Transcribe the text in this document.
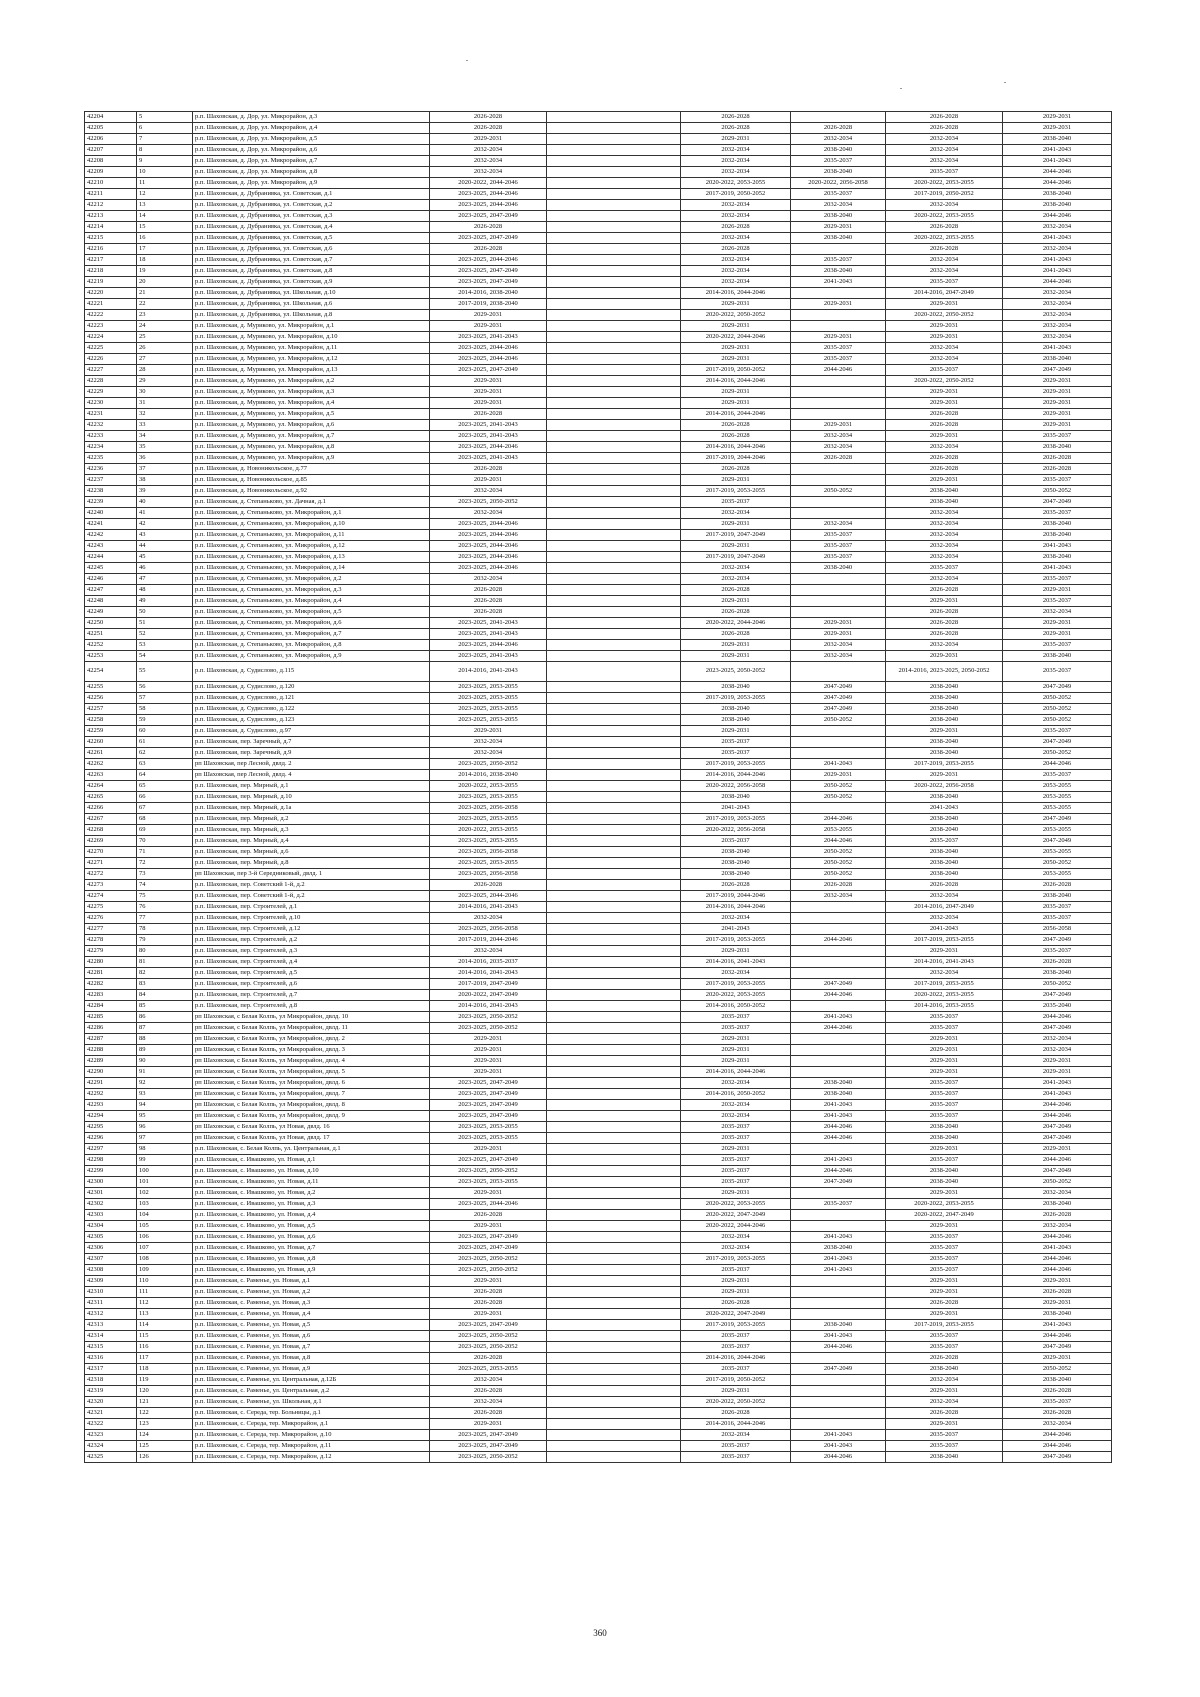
42204	5	р.п. Шаховская, д. Дор, ул. Микрорайон, д.3	2026-2028		2026-2028		2026-2028	2029-2031
42205	6	р.п. Шаховская, д. Дор, ул. Микрорайон, д.4	2026-2028		2026-2028	2026-2028	2026-2028	2029-2031
42206	7	р.п. Шаховская, д. Дор, ул. Микрорайон, д.5	2029-2031		2029-2031	2032-2034	2032-2034	2038-2040
42207	8	р.п. Шаховская, д. Дор, ул. Микрорайон, д.6	2032-2034		2032-2034	2038-2040	2032-2034	2041-2043
42208	9	р.п. Шаховская, д. Дор, ул. Микрорайон, д.7	2032-2034		2032-2034	2035-2037	2032-2034	2041-2043
42209	10	р.п. Шаховская, д. Дор, ул. Микрорайон, д.8	2032-2034		2032-2034	2038-2040	2035-2037	2044-2046
42210	11	р.п. Шаховская, д. Дор, ул. Микрорайон, д.9	2020-2022, 2044-2046		2020-2022, 2053-2055	2020-2022, 2056-2058	2020-2022, 2053-2055	2044-2046
42211	12	р.п. Шаховская, д. Дубранивка, ул. Советская, д.1	2023-2025, 2044-2046		2017-2019, 2050-2052	2035-2037	2017-2019, 2050-2052	2038-2040
42212	13	р.п. Шаховская, д. Дубранивка, ул. Советская, д.2	2023-2025, 2044-2046		2032-2034	2032-2034	2032-2034	2038-2040
42213	14	р.п. Шаховская, д. Дубранивка, ул. Советская, д.3	2023-2025, 2047-2049		2032-2034	2038-2040	2020-2022, 2053-2055	2044-2046
42214	15	р.п. Шаховская, д. Дубранивка, ул. Советская, д.4	2026-2028		2026-2028	2029-2031	2026-2028	2032-2034
42215	16	р.п. Шаховская, д. Дубранивка, ул. Советская, д.5	2023-2025, 2047-2049		2032-2034	2038-2040	2020-2022, 2053-2055	2041-2043
42216	17	р.п. Шаховская, д. Дубранивка, ул. Советская, д.6	2026-2028		2026-2028		2026-2028	2032-2034
42217	18	р.п. Шаховская, д. Дубранивка, ул. Советская, д.7	2023-2025, 2044-2046		2032-2034	2035-2037	2032-2034	2041-2043
42218	19	р.п. Шаховская, д. Дубранивка, ул. Советская, д.8	2023-2025, 2047-2049		2032-2034	2038-2040	2032-2034	2041-2043
42219	20	р.п. Шаховская, д. Дубранивка, ул. Советская, д.9	2023-2025, 2047-2049		2032-2034	2041-2043	2035-2037	2044-2046
42220	21	р.п. Шаховская, д. Дубранивка, ул. Школьная, д.10	2014-2016, 2038-2040		2014-2016, 2044-2046		2014-2016, 2047-2049	2032-2034
42221	22	р.п. Шаховская, д. Дубранивка, ул. Школьная, д.6	2017-2019, 2038-2040		2029-2031	2029-2031	2029-2031	2032-2034
42222	23	р.п. Шаховская, д. Дубранивка, ул. Школьная, д.8	2029-2031		2020-2022, 2050-2052		2020-2022, 2050-2052	2032-2034
42223	24	р.п. Шаховская, д. Муриково, ул. Микрорайон, д.1	2029-2031		2029-2031		2029-2031	2032-2034
42224	25	р.п. Шаховская, д. Муриково, ул. Микрорайон, д.10	2023-2025, 2041-2043		2020-2022, 2044-2046	2029-2031	2029-2031	2032-2034
42225	26	р.п. Шаховская, д. Муриково, ул. Микрорайон, д.11	2023-2025, 2044-2046		2029-2031	2035-2037	2032-2034	2041-2043
42226	27	р.п. Шаховская, д. Муриково, ул. Микрорайон, д.12	2023-2025, 2044-2046		2029-2031	2035-2037	2032-2034	2038-2040
42227	28	р.п. Шаховская, д. Муриково, ул. Микрорайон, д.13	2023-2025, 2047-2049		2017-2019, 2050-2052	2044-2046	2035-2037	2047-2049
42228	29	р.п. Шаховская, д. Муриково, ул. Микрорайон, д.2	2029-2031		2014-2016, 2044-2046		2020-2022, 2050-2052	2029-2031
42229	30	р.п. Шаховская, д. Муриково, ул. Микрорайон, д.3	2029-2031		2029-2031		2029-2031	2029-2031
42230	31	р.п. Шаховская, д. Муриково, ул. Микрорайон, д.4	2029-2031		2029-2031		2029-2031	2029-2031
42231	32	р.п. Шаховская, д. Муриково, ул. Микрорайон, д.5	2026-2028		2014-2016, 2044-2046		2026-2028	2029-2031
42232	33	р.п. Шаховская, д. Муриково, ул. Микрорайон, д.6	2023-2025, 2041-2043		2026-2028	2029-2031	2026-2028	2029-2031
42233	34	р.п. Шаховская, д. Муриково, ул. Микрорайон, д.7	2023-2025, 2041-2043		2026-2028	2032-2034	2029-2031	2035-2037
42234	35	р.п. Шаховская, д. Муриково, ул. Микрорайон, д.8	2023-2025, 2044-2046		2014-2016, 2044-2046	2032-2034	2032-2034	2038-2040
42235	36	р.п. Шаховская, д. Муриково, ул. Микрорайон, д.9	2023-2025, 2041-2043		2017-2019, 2044-2046	2026-2028	2026-2028	2026-2028
42236	37	р.п. Шаховская, д. Новоникольское, д.77	2026-2028		2026-2028		2026-2028	2026-2028
42237	38	р.п. Шаховская, д. Новоникольское, д.85	2029-2031		2029-2031		2029-2031	2035-2037
42238	39	р.п. Шаховская, д. Новоникольское, д.92	2032-2034		2017-2019, 2053-2055	2050-2052	2038-2040	2050-2052
42239	40	р.п. Шаховская, д. Степаньково, ул. Дачная, д.1	2023-2025, 2050-2052		2035-2037		2038-2040	2047-2049
42240	41	р.п. Шаховская, д. Степаньково, ул. Микрорайон, д.1	2032-2034		2032-2034		2032-2034	2035-2037
42241	42	р.п. Шаховская, д. Степаньково, ул. Микрорайон, д.10	2023-2025, 2044-2046		2029-2031	2032-2034	2032-2034	2038-2040
42242	43	р.п. Шаховская, д. Степаньково, ул. Микрорайон, д.11	2023-2025, 2044-2046		2017-2019, 2047-2049	2035-2037	2032-2034	2038-2040
42243	44	р.п. Шаховская, д. Степаньково, ул. Микрорайон, д.12	2023-2025, 2044-2046		2029-2031	2035-2037	2032-2034	2041-2043
42244	45	р.п. Шаховская, д. Степаньково, ул. Микрорайон, д.13	2023-2025, 2044-2046		2017-2019, 2047-2049	2035-2037	2032-2034	2038-2040
42245	46	р.п. Шаховская, д. Степаньково, ул. Микрорайон, д.14	2023-2025, 2044-2046		2032-2034	2038-2040	2035-2037	2041-2043
42246	47	р.п. Шаховская, д. Степаньково, ул. Микрорайон, д.2	2032-2034		2032-2034		2032-2034	2035-2037
42247	48	р.п. Шаховская, д. Степаньково, ул. Микрорайон, д.3	2026-2028		2026-2028		2026-2028	2029-2031
42248	49	р.п. Шаховская, д. Степаньково, ул. Микрорайон, д.4	2026-2028		2029-2031		2029-2031	2035-2037
42249	50	р.п. Шаховская, д. Степаньково, ул. Микрорайон, д.5	2026-2028		2026-2028		2026-2028	2032-2034
42250	51	р.п. Шаховская, д. Степаньково, ул. Микрорайон, д.6	2023-2025, 2041-2043		2020-2022, 2044-2046	2029-2031	2026-2028	2029-2031
42251	52	р.п. Шаховская, д. Степаньково, ул. Микрорайон, д.7	2023-2025, 2041-2043		2026-2028	2029-2031	2026-2028	2029-2031
42252	53	р.п. Шаховская, д. Степаньково, ул. Микрорайон, д.8	2023-2025, 2044-2046		2029-2031	2032-2034	2032-2034	2035-2037
42253	54	р.п. Шаховская, д. Степаньково, ул. Микрорайон, д.9	2023-2025, 2041-2043		2029-2031	2032-2034	2029-2031	2038-2040
42254	55	р.п. Шаховская, д. Судислово, д.115	2014-2016, 2041-2043		2023-2025, 2050-2052		2014-2016, 2023-2025, 2050-2052	2035-2037
42255	56	р.п. Шаховская, д. Судислово, д.120	2023-2025, 2053-2055		2038-2040	2047-2049	2038-2040	2047-2049
42256	57	р.п. Шаховская, д. Судислово, д.121	2023-2025, 2053-2055		2017-2019, 2053-2055	2047-2049	2038-2040	2050-2052
42257	58	р.п. Шаховская, д. Судислово, д.122	2023-2025, 2053-2055		2038-2040	2047-2049	2038-2040	2050-2052
42258	59	р.п. Шаховская, д. Судислово, д.123	2023-2025, 2053-2055		2038-2040	2050-2052	2038-2040	2050-2052
42259	60	р.п. Шаховская, д. Судислово, д.97	2029-2031		2029-2031		2029-2031	2035-2037
42260	61	р.п. Шаховская, пер. Заречный, д.7	2032-2034		2035-2037		2038-2040	2047-2049
42261	62	р.п. Шаховская, пер. Заречный, д.9	2032-2034		2035-2037		2038-2040	2050-2052
42262	63	рп Шаховская, пер Лесной, двлд. 2	2023-2025, 2050-2052		2017-2019, 2053-2055	2041-2043	2017-2019, 2053-2055	2044-2046
42263	64	рп Шаховская, пер Лесной, двлд. 4	2014-2016, 2038-2040		2014-2016, 2044-2046	2029-2031	2029-2031	2035-2037
42264	65	р.п. Шаховская, пер. Мирный, д.1	2020-2022, 2053-2055		2020-2022, 2056-2058	2050-2052	2020-2022, 2056-2058	2053-2055
42265	66	р.п. Шаховская, пер. Мирный, д.10	2023-2025, 2053-2055		2038-2040	2050-2052	2038-2040	2053-2055
42266	67	р.п. Шаховская, пер. Мирный, д.1а	2023-2025, 2056-2058		2041-2043		2041-2043	2053-2055
42267	68	р.п. Шаховская, пер. Мирный, д.2	2023-2025, 2053-2055		2017-2019, 2053-2055	2044-2046	2038-2040	2047-2049
42268	69	р.п. Шаховская, пер. Мирный, д.3	2020-2022, 2053-2055		2020-2022, 2056-2058	2053-2055	2038-2040	2053-2055
42269	70	р.п. Шаховская, пер. Мирный, д.4	2023-2025, 2053-2055		2035-2037	2044-2046	2035-2037	2047-2049
42270	71	р.п. Шаховская, пер. Мирный, д.6	2023-2025, 2056-2058		2038-2040	2050-2052	2038-2040	2053-2055
42271	72	р.п. Шаховская, пер. Мирный, д.8	2023-2025, 2053-2055		2038-2040	2050-2052	2038-2040	2050-2052
42272	73	рп Шаховская, пер 3-й Середниковый, двлд. 1	2023-2025, 2056-2058		2038-2040	2050-2052	2038-2040	2053-2055
42273	74	р.п. Шаховская, пер. Советский 1-й, д.2	2026-2028		2026-2028	2026-2028	2026-2028	2026-2028
42274	75	р.п. Шаховская, пер. Советский 1-й, д.2	2023-2025, 2044-2046		2017-2019, 2044-2046	2032-2034	2032-2034	2038-2040
42275	76	р.п. Шаховская, пер. Строителей, д.1	2014-2016, 2041-2043		2014-2016, 2044-2046		2014-2016, 2047-2049	2035-2037
42276	77	р.п. Шаховская, пер. Строителей, д.10	2032-2034		2032-2034		2032-2034	2035-2037
42277	78	р.п. Шаховская, пер. Строителей, д.12	2023-2025, 2056-2058		2041-2043		2041-2043	2056-2058
42278	79	р.п. Шаховская, пер. Строителей, д.2	2017-2019, 2044-2046		2017-2019, 2053-2055	2044-2046	2017-2019, 2053-2055	2047-2049
42279	80	р.п. Шаховская, пер. Строителей, д.3	2032-2034		2029-2031		2029-2031	2035-2037
42280	81	р.п. Шаховская, пер. Строителей, д.4	2014-2016, 2035-2037		2014-2016, 2041-2043		2014-2016, 2041-2043	2026-2028
42281	82	р.п. Шаховская, пер. Строителей, д.5	2014-2016, 2041-2043		2032-2034		2032-2034	2038-2040
42282	83	р.п. Шаховская, пер. Строителей, д.6	2017-2019, 2047-2049		2017-2019, 2053-2055	2047-2049	2017-2019, 2053-2055	2050-2052
42283	84	р.п. Шаховская, пер. Строителей, д.7	2020-2022, 2047-2049		2020-2022, 2053-2055	2044-2046	2020-2022, 2053-2055	2047-2049
42284	85	р.п. Шаховская, пер. Строителей, д.8	2014-2016, 2041-2043		2014-2016, 2050-2052		2014-2016, 2053-2055	2035-2040
42285	86	рп Шаховская, с Белая Колпь, ул Микрорайон, двлд. 10	2023-2025, 2050-2052		2035-2037	2041-2043	2035-2037	2044-2046
42286	87	рп Шаховская, с Белая Колпь, ул Микрорайон, двлд. 11	2023-2025, 2050-2052		2035-2037	2044-2046	2035-2037	2047-2049
42287	88	рп Шаховская, с Белая Колпь, ул Микрорайон, двлд. 2	2029-2031		2029-2031		2029-2031	2032-2034
42288	89	рп Шаховская, с Белая Колпь, ул Микрорайон, двлд. 3	2029-2031		2029-2031		2029-2031	2032-2034
42289	90	рп Шаховская, с Белая Колпь, ул Микрорайон, двлд. 4	2029-2031		2029-2031		2029-2031	2029-2031
42290	91	рп Шаховская, с Белая Колпь, ул Микрорайон, двлд. 5	2029-2031		2014-2016, 2044-2046		2029-2031	2029-2031
42291	92	рп Шаховская, с Белая Колпь, ул Микрорайон, двлд. 6	2023-2025, 2047-2049		2032-2034	2038-2040	2035-2037	2041-2043
42292	93	рп Шаховская, с Белая Колпь, ул Микрорайон, двлд. 7	2023-2025, 2047-2049		2014-2016, 2050-2052	2038-2040	2035-2037	2041-2043
42293	94	рп Шаховская, с Белая Колпь, ул Микрорайон, двлд. 8	2023-2025, 2047-2049		2032-2034	2041-2043	2035-2037	2044-2046
42294	95	рп Шаховская, с Белая Колпь, ул Микрорайон, двлд. 9	2023-2025, 2047-2049		2032-2034	2041-2043	2035-2037	2044-2046
42295	96	рп Шаховская, с Белая Колпь, ул Новая, двлд. 16	2023-2025, 2053-2055		2035-2037	2044-2046	2038-2040	2047-2049
42296	97	рп Шаховская, с Белая Колпь, ул Новая, двлд. 17	2023-2025, 2053-2055		2035-2037	2044-2046	2038-2040	2047-2049
42297	98	р.п. Шаховская, с. Белая Колпь, ул. Центральная, д.1	2029-2031		2029-2031		2029-2031	2029-2031
42298	99	р.п. Шаховская, с. Ивашково, ул. Новая, д.1	2023-2025, 2047-2049		2035-2037	2041-2043	2035-2037	2044-2046
42299	100	р.п. Шаховская, с. Ивашково, ул. Новая, д.10	2023-2025, 2050-2052		2035-2037	2044-2046	2038-2040	2047-2049
42300	101	р.п. Шаховская, с. Ивашково, ул. Новая, д.11	2023-2025, 2053-2055		2035-2037	2047-2049	2038-2040	2050-2052
42301	102	р.п. Шаховская, с. Ивашково, ул. Новая, д.2	2029-2031		2029-2031		2029-2031	2032-2034
42302	103	р.п. Шаховская, с. Ивашково, ул. Новая, д.3	2023-2025, 2044-2046		2020-2022, 2053-2055	2035-2037	2020-2022, 2053-2055	2038-2040
42303	104	р.п. Шаховская, с. Ивашково, ул. Новая, д.4	2026-2028		2020-2022, 2047-2049		2020-2022, 2047-2049	2026-2028
42304	105	р.п. Шаховская, с. Ивашково, ул. Новая, д.5	2029-2031		2020-2022, 2044-2046		2029-2031	2032-2034
42305	106	р.п. Шаховская, с. Ивашково, ул. Новая, д.6	2023-2025, 2047-2049		2032-2034	2041-2043	2035-2037	2044-2046
42306	107	р.п. Шаховская, с. Ивашково, ул. Новая, д.7	2023-2025, 2047-2049		2032-2034	2038-2040	2035-2037	2041-2043
42307	108	р.п. Шаховская, с. Ивашково, ул. Новая, д.8	2023-2025, 2050-2052		2017-2019, 2053-2055	2041-2043	2035-2037	2044-2046
42308	109	р.п. Шаховская, с. Ивашково, ул. Новая, д.9	2023-2025, 2050-2052		2035-2037	2041-2043	2035-2037	2044-2046
42309	110	р.п. Шаховская, с. Раменье, ул. Новая, д.1	2029-2031		2029-2031		2029-2031	2029-2031
42310	111	р.п. Шаховская, с. Раменье, ул. Новая, д.2	2026-2028		2029-2031		2029-2031	2026-2028
42311	112	р.п. Шаховская, с. Раменье, ул. Новая, д.3	2026-2028		2026-2028		2026-2028	2029-2031
42312	113	р.п. Шаховская, с. Раменье, ул. Новая, д.4	2029-2031		2020-2022, 2047-2049		2029-2031	2038-2040
42313	114	р.п. Шаховская, с. Раменье, ул. Новая, д.5	2023-2025, 2047-2049		2017-2019, 2053-2055	2038-2040	2017-2019, 2053-2055	2041-2043
42314	115	р.п. Шаховская, с. Раменье, ул. Новая, д.6	2023-2025, 2050-2052		2035-2037	2041-2043	2035-2037	2044-2046
42315	116	р.п. Шаховская, с. Раменье, ул. Новая, д.7	2023-2025, 2050-2052		2035-2037	2044-2046	2035-2037	2047-2049
42316	117	р.п. Шаховская, с. Раменье, ул. Новая, д.8	2026-2028		2014-2016, 2044-2046		2026-2028	2029-2031
42317	118	р.п. Шаховская, с. Раменье, ул. Новая, д.9	2023-2025, 2053-2055		2035-2037	2047-2049	2038-2040	2050-2052
42318	119	р.п. Шаховская, с. Раменье, ул. Центральная, д.12Б	2032-2034		2017-2019, 2050-2052		2032-2034	2038-2040
42319	120	р.п. Шаховская, с. Раменье, ул. Центральная, д.2	2026-2028		2029-2031		2029-2031	2026-2028
42320	121	р.п. Шаховская, с. Раменье, ул. Школьная, д.1	2032-2034		2020-2022, 2050-2052		2032-2034	2035-2037
42321	122	р.п. Шаховская, с. Середа, тер. Больницы, д.1	2026-2028		2026-2028		2026-2028	2026-2028
42322	123	р.п. Шаховская, с. Середа, тер. Микрорайон, д.1	2029-2031		2014-2016, 2044-2046		2029-2031	2032-2034
42323	124	р.п. Шаховская, с. Середа, тер. Микрорайон, д.10	2023-2025, 2047-2049		2032-2034	2041-2043	2035-2037	2044-2046
42324	125	р.п. Шаховская, с. Середа, тер. Микрорайон, д.11	2023-2025, 2047-2049		2035-2037	2041-2043	2035-2037	2044-2046
42325	126	р.п. Шаховская, с. Середа, тер. Микрорайон, д.12	2023-2025, 2050-2052		2035-2037	2044-2046	2038-2040	2047-2049
360
